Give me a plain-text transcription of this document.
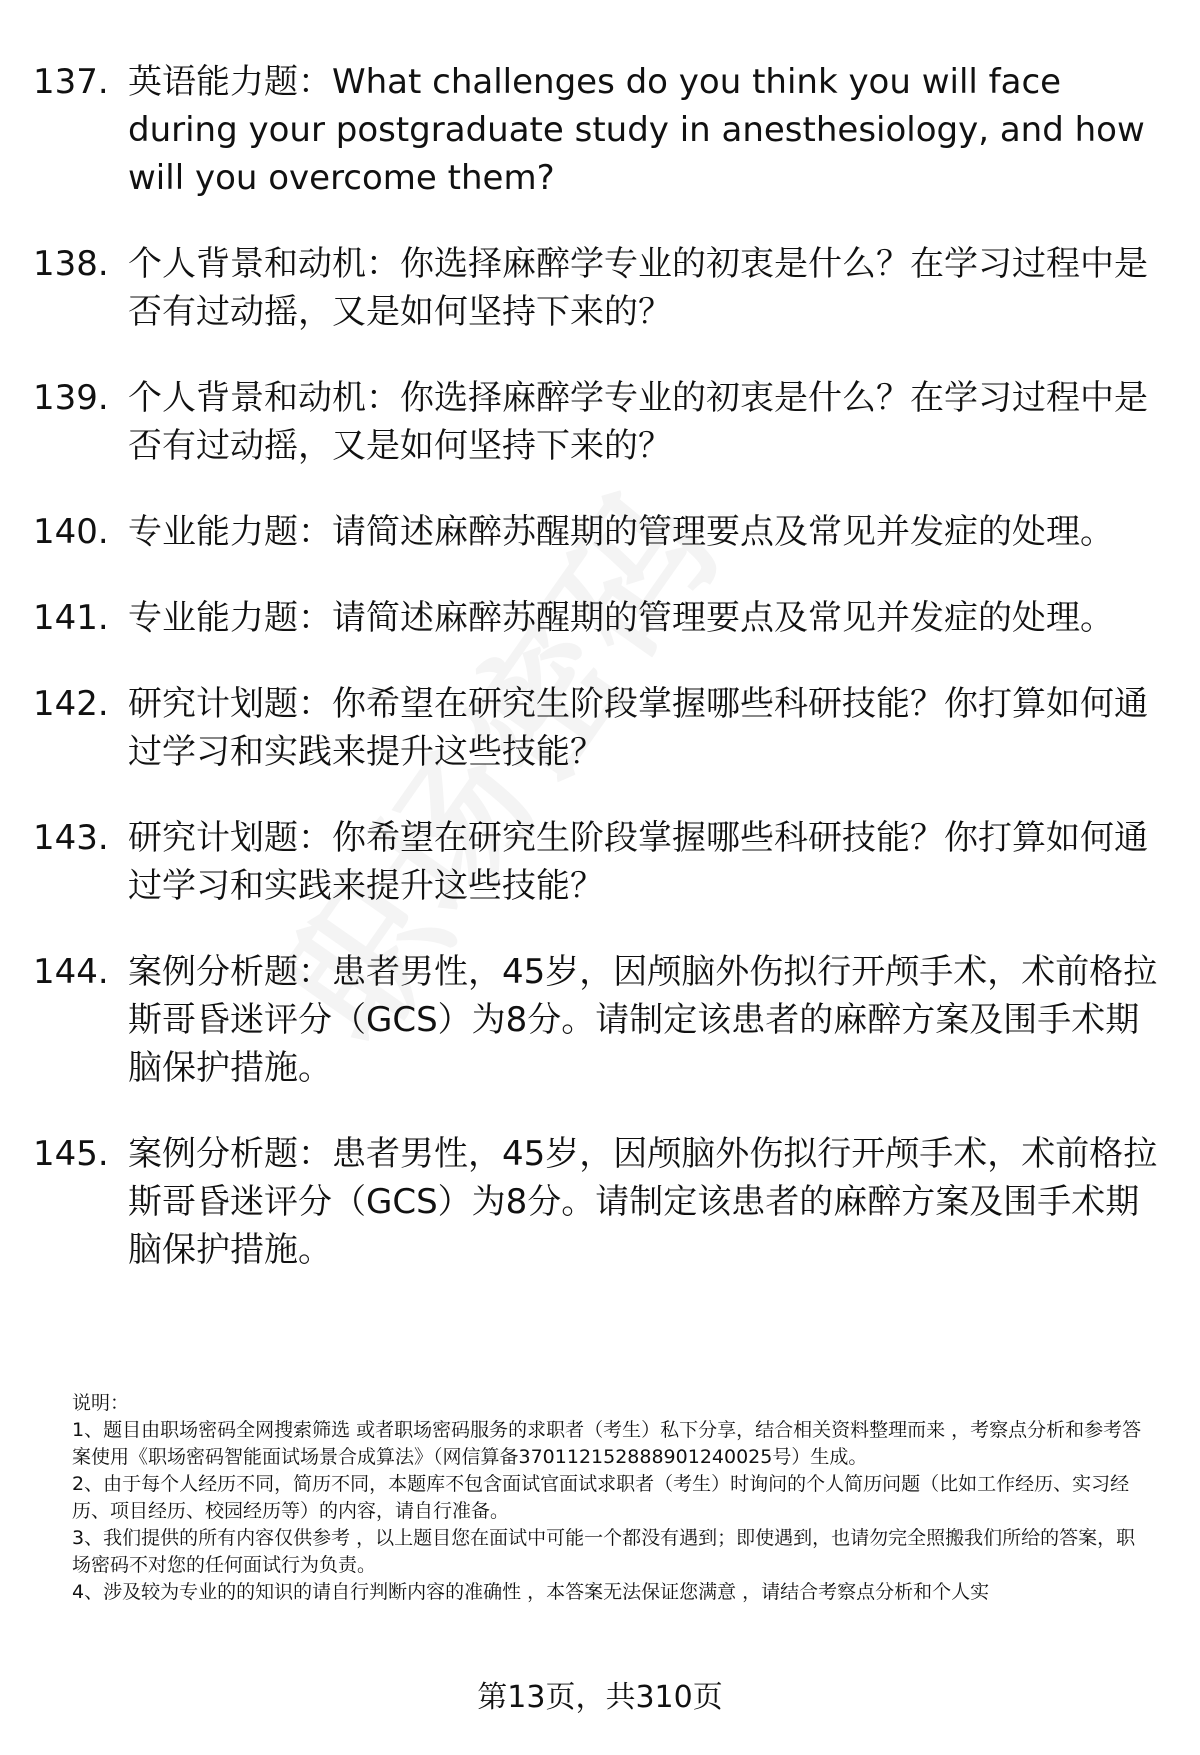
137. 英语能力题：What challenges do you think you will face during your postgraduate study in anesthesiology, and how will you overcome them?
138. 个人背景和动机：你选择麻醉学专业的初衷是什么？在学习过程中是否有过动摇，又是如何坚持下来的？
139. 个人背景和动机：你选择麻醉学专业的初衷是什么？在学习过程中是否有过动摇，又是如何坚持下来的？
140. 专业能力题：请简述麻醉苏醒期的管理要点及常见并发症的处理。
141. 专业能力题：请简述麻醉苏醒期的管理要点及常见并发症的处理。
142. 研究计划题：你希望在研究生阶段掌握哪些科研技能？你打算如何通过学习和实践来提升这些技能？
143. 研究计划题：你希望在研究生阶段掌握哪些科研技能？你打算如何通过学习和实践来提升这些技能？
144. 案例分析题：患者男性，45岁，因颅脑外伤拟行开颅手术，术前格拉斯哥昏迷评分（GCS）为8分。请制定该患者的麻醉方案及围手术期脑保护措施。
145. 案例分析题：患者男性，45岁，因颅脑外伤拟行开颅手术，术前格拉斯哥昏迷评分（GCS）为8分。请制定该患者的麻醉方案及围手术期脑保护措施。

说明：

1、题目由职场密码全网搜索筛选 或者职场密码服务的求职者（考生）私下分享，结合相关资料整理而来 ，考察点分析和参考答案使用《职场密码智能面试场景合成算法》（网信算备370112152888901240025号）生成。

2、由于每个人经历不同，简历不同，本题库不包含面试官面试求职者（考生）时询问的个人简历问题（比如工作经历、实习经历、项目经历、校园经历等）的内容，请自行准备。

3、我们提供的所有内容仅供参考 ，以上题目您在面试中可能一个都没有遇到；即使遇到，也请勿完全照搬我们所给的答案，职场密码不对您的任何面试行为负责。

4、涉及较为专业的的知识的请自行判断内容的准确性 ，本答案无法保证您满意 ，请结合考察点分析和个人实

第13页，共310页
